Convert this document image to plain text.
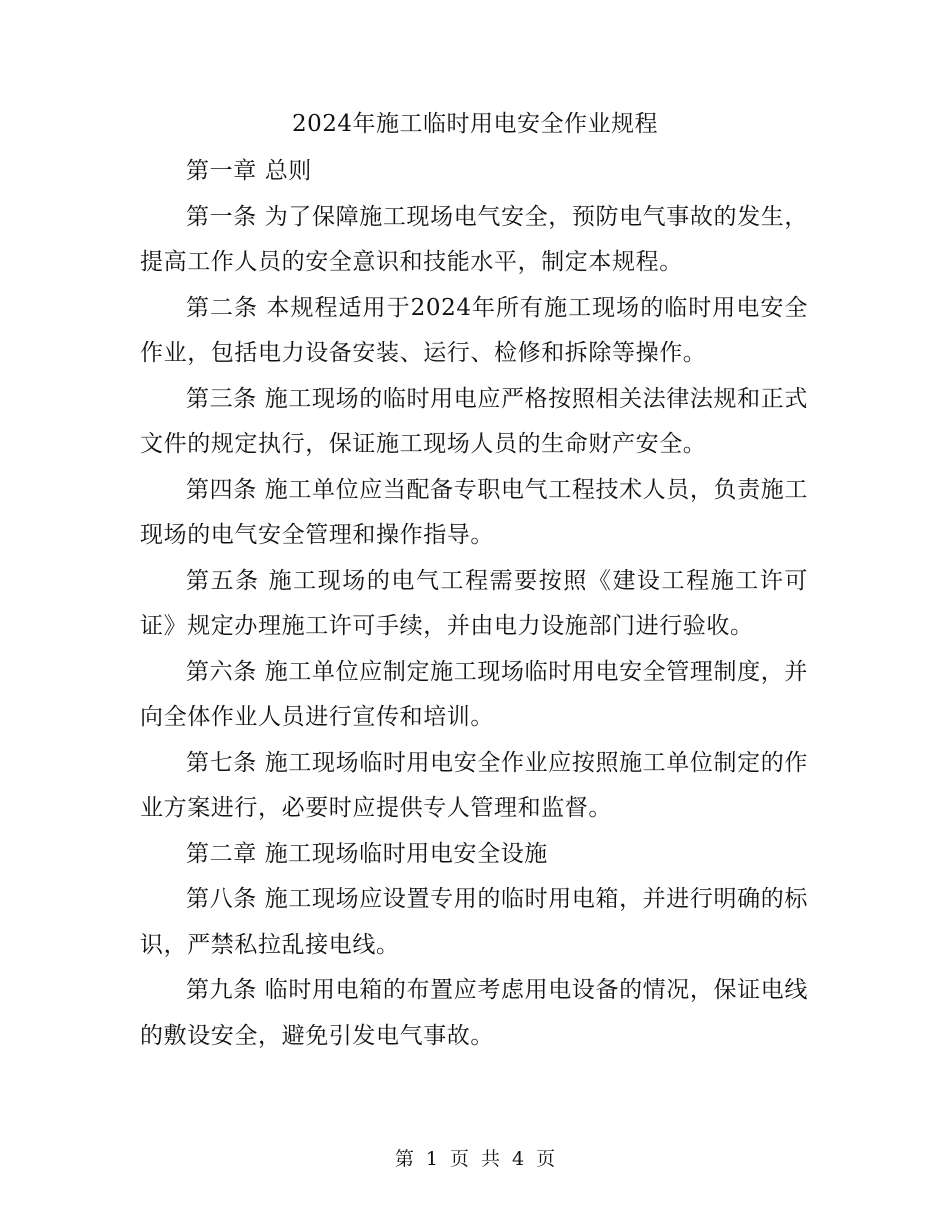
2024年施工临时用电安全作业规程

第一章 总则

第一条 为了保障施工现场电气安全，预防电气事故的发生，提高工作人员的安全意识和技能水平，制定本规程。

第二条 本规程适用于2024年所有施工现场的临时用电安全作业，包括电力设备安装、运行、检修和拆除等操作。

第三条 施工现场的临时用电应严格按照相关法律法规和正式文件的规定执行，保证施工现场人员的生命财产安全。

第四条 施工单位应当配备专职电气工程技术人员，负责施工现场的电气安全管理和操作指导。

第五条 施工现场的电气工程需要按照《建设工程施工许可证》规定办理施工许可手续，并由电力设施部门进行验收。

第六条 施工单位应制定施工现场临时用电安全管理制度，并向全体作业人员进行宣传和培训。

第七条 施工现场临时用电安全作业应按照施工单位制定的作业方案进行，必要时应提供专人管理和监督。

第二章 施工现场临时用电安全设施

第八条 施工现场应设置专用的临时用电箱，并进行明确的标识，严禁私拉乱接电线。

第九条 临时用电箱的布置应考虑用电设备的情况，保证电线的敷设安全，避免引发电气事故。

第 1 页 共 4 页
